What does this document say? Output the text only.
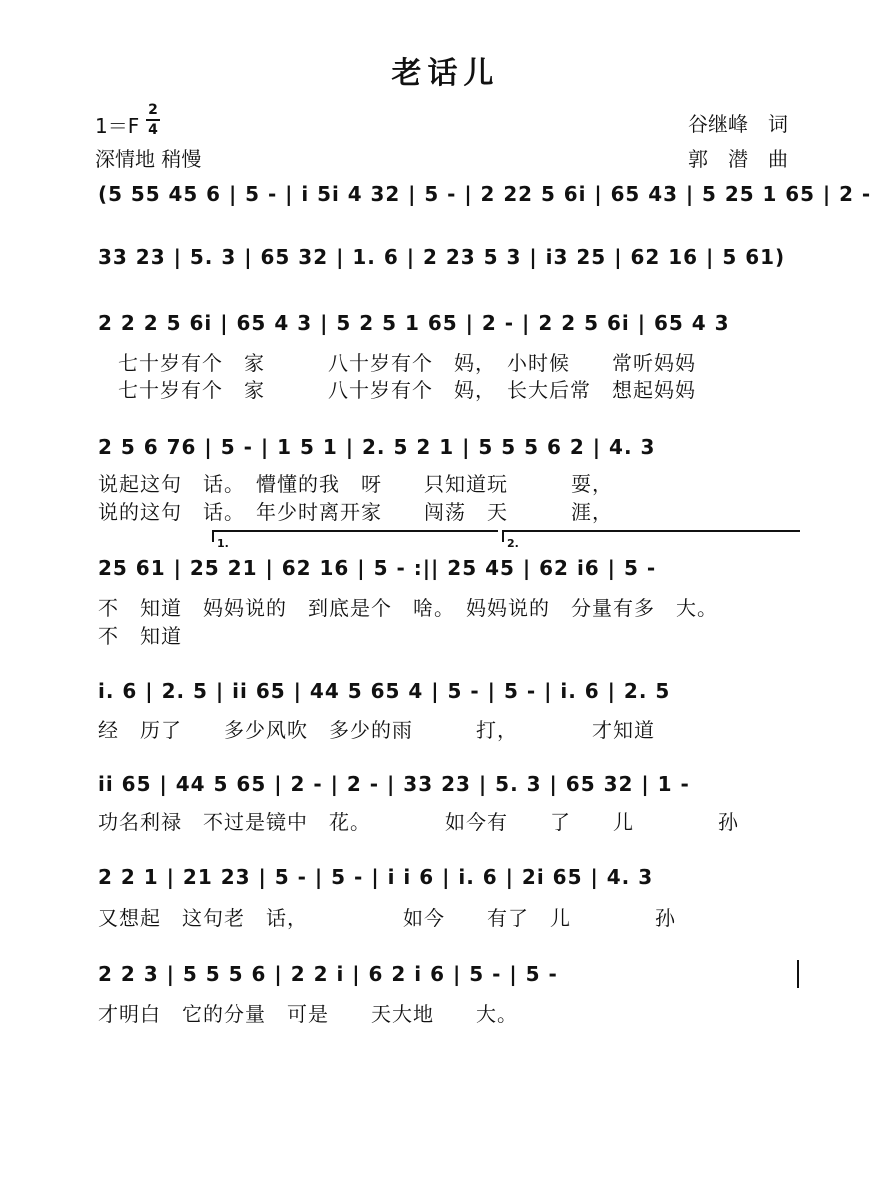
老话儿
1＝F
2
4
深情地 稍慢
谷继峰　词
郭　潜　曲
(5 55 45 6 | 5 - | i 5i 4 32 | 5 - | 2 22 5 6i | 65 43 | 5 25 1 65 | 2 -
33 23 | 5. 3 | 65 32 | 1. 6 | 2 23 5 3 | i3 25 | 62 16 | 5 61)
2 2 2 5 6i | 65 4 3 | 5 2 5 1 65 | 2 - | 2 2 5 6i | 65 4 3
七十岁有个　家　　　八十岁有个　妈，　小时候　　常听妈妈
七十岁有个　家　　　八十岁有个　妈，　长大后常　想起妈妈
2 5 6 76 | 5 - | 1 5 1 | 2. 5 2 1 | 5 5 5 6 2 | 4. 3
说起这句　话。　懵懂的我　呀　　只知道玩　　　耍，
说的这句　话。　年少时离开家　　闯荡　天　　　涯，
1.	2.
25 61 | 25 21 | 62 16 | 5 - :|| 25 45 | 62 i6 | 5 -
不　知道　妈妈说的　到底是个　啥。　妈妈说的　分量有多　大。
不　知道
i. 6 | 2. 5 | ii 65 | 44 5 65 4 | 5 - | 5 - | i. 6 | 2. 5
经　历了　　多少风吹　多少的雨　　　打，　　　　才知道
ii 65 | 44 5 65 | 2 - | 2 - | 33 23 | 5. 3 | 65 32 | 1 -
功名利禄　不过是镜中　花。　　　　如今有　　了　　儿　　　　孙
2 2 1 | 21 23 | 5 - | 5 - | i i 6 | i. 6 | 2i 65 | 4. 3
又想起　这句老　话，　　　　　如今　　有了　儿　　　　孙
2 2 3 | 5 5 5 6 | 2 2 i | 6 2 i 6 | 5 - | 5 -
才明白　它的分量　可是　　天大地　　大。
